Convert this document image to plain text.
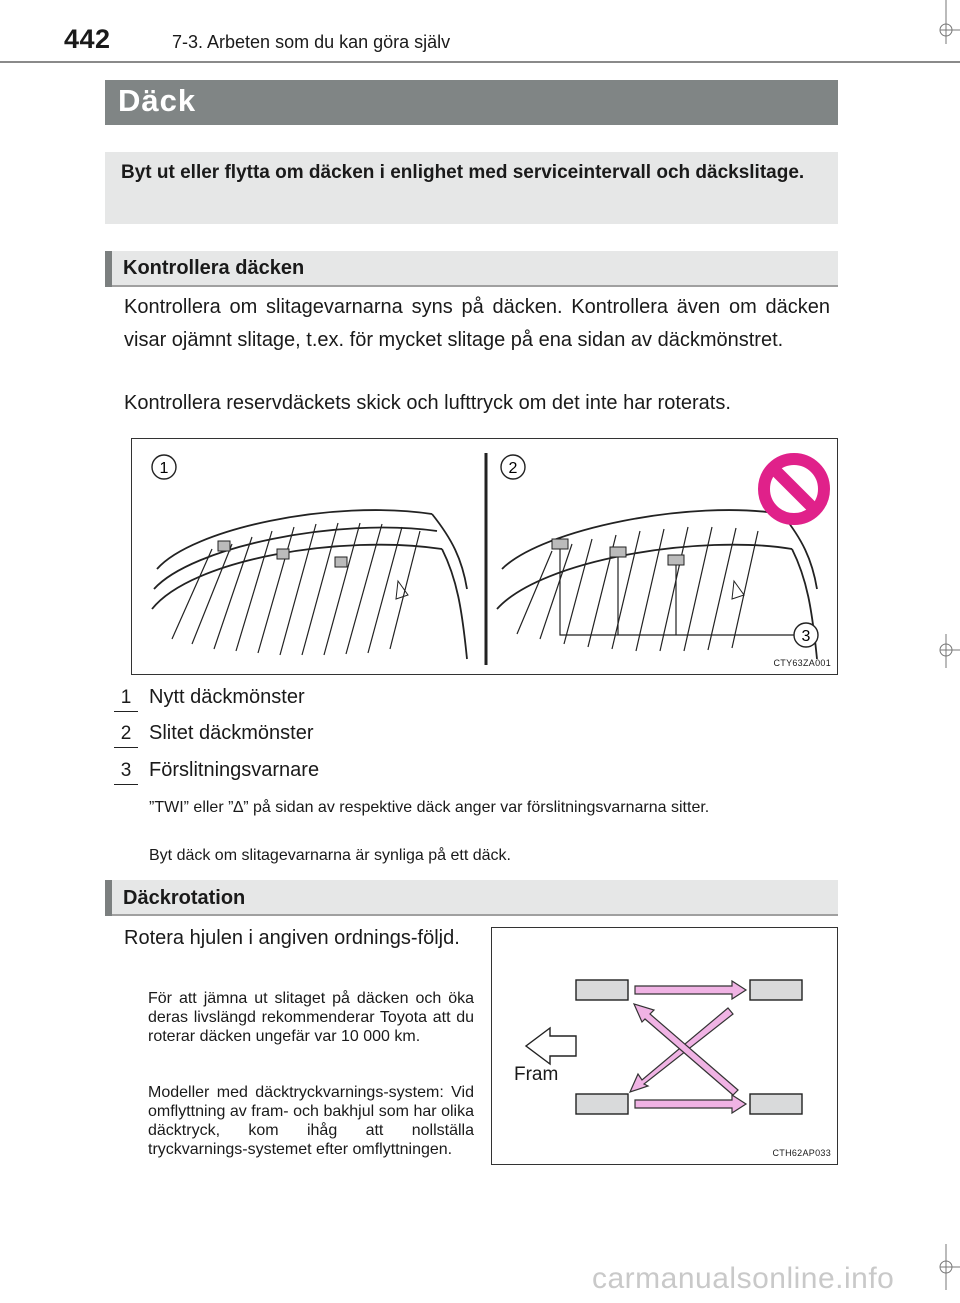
442	7-3. Arbeten som du kan göra själv
Däck
Byt ut eller flytta om däcken i enlighet med serviceintervall och däckslitage.
Kontrollera däcken
Kontrollera om slitagevarnarna syns på däcken. Kontrollera även om däcken visar ojämnt slitage, t.ex. för mycket slitage på ena sidan av däckmönstret.
Kontrollera reservdäckets skick och lufttryck om det inte har roterats.
1	2
3
CTY63ZA001
1 Nytt däckmönster
2 Slitet däckmönster
3 Förslitningsvarnare
”TWI” eller ”∆” på sidan av respektive däck anger var förslitningsvarnarna sitter.
Byt däck om slitagevarnarna är synliga på ett däck.
Däckrotation
Rotera hjulen i angiven ordnings-följd.
För att jämna ut slitaget på däcken och öka deras livslängd rekommenderar Toyota att du roterar däcken ungefär var 10 000 km.
Modeller med däcktryckvarnings-system: Vid omflyttning av fram- och bakhjul som har olika däcktryck, kom ihåg att nollställa tryckvarnings-systemet efter omflyttningen.
Fram
CTH62AP033
carmanualsonline.info
